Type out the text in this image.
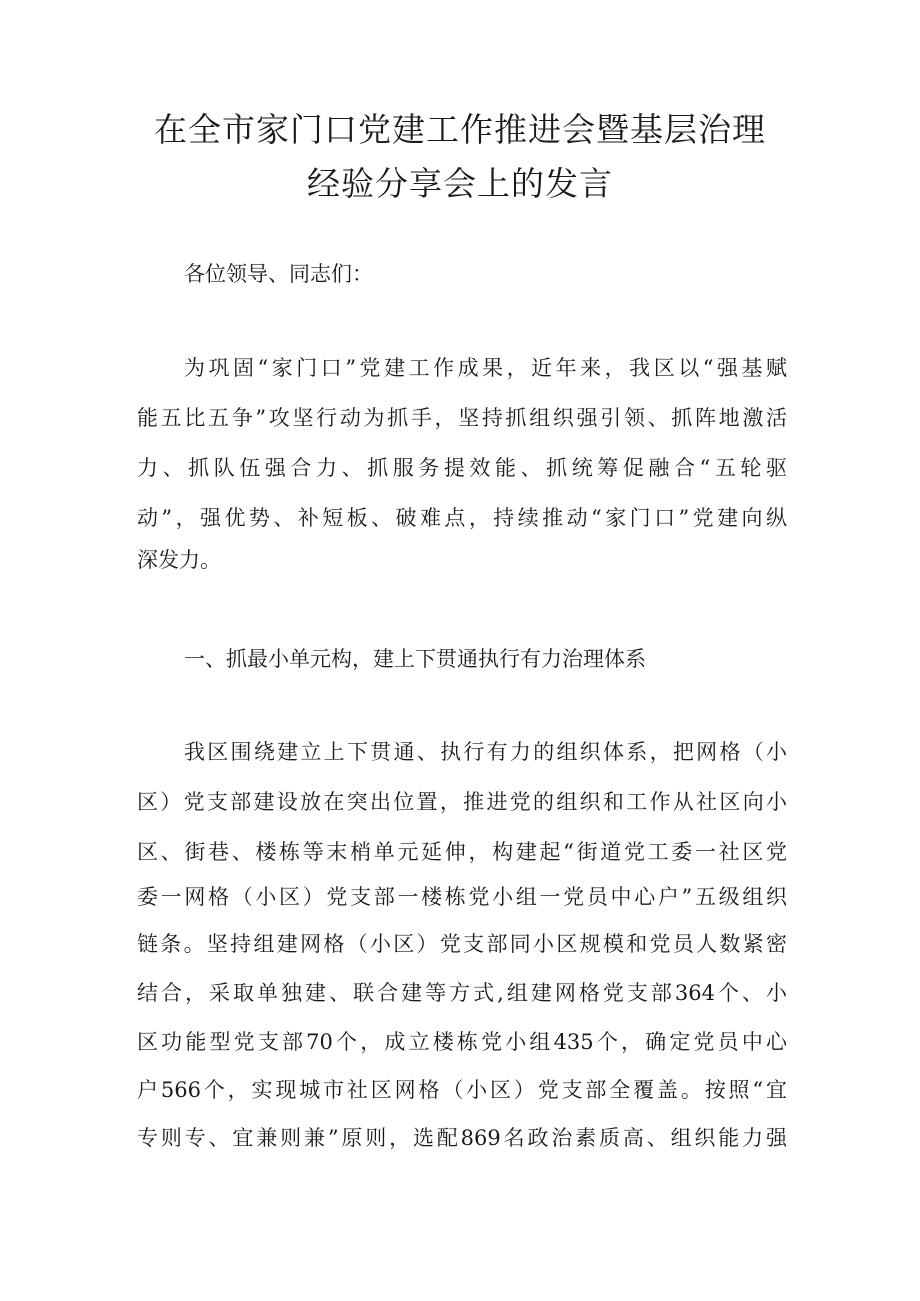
在全市家门口党建工作推进会暨基层治理
经验分享会上的发言
各位领导、同志们：
为巩固“家门口”党建工作成果，近年来，我区以“强基赋
能五比五争”攻坚行动为抓手，坚持抓组织强引领、抓阵地激活
力、抓队伍强合力、抓服务提效能、抓统筹促融合“五轮驱
动”，强优势、补短板、破难点，持续推动“家门口”党建向纵
深发力。
一、抓最小单元构，建上下贯通执行有力治理体系
我区围绕建立上下贯通、执行有力的组织体系，把网格（小
区）党支部建设放在突出位置，推进党的组织和工作从社区向小
区、街巷、楼栋等末梢单元延伸，构建起“街道党工委一社区党
委一网格（小区）党支部一楼栋党小组一党员中心户”五级组织
链条。坚持组建网格（小区）党支部同小区规模和党员人数紧密
结合，采取单独建、联合建等方式,组建网格党支部364个、小
区功能型党支部70个，成立楼栋党小组435个，确定党员中心
户566个，实现城市社区网格（小区）党支部全覆盖。按照“宜
专则专、宜兼则兼”原则，选配869名政治素质高、组织能力强
